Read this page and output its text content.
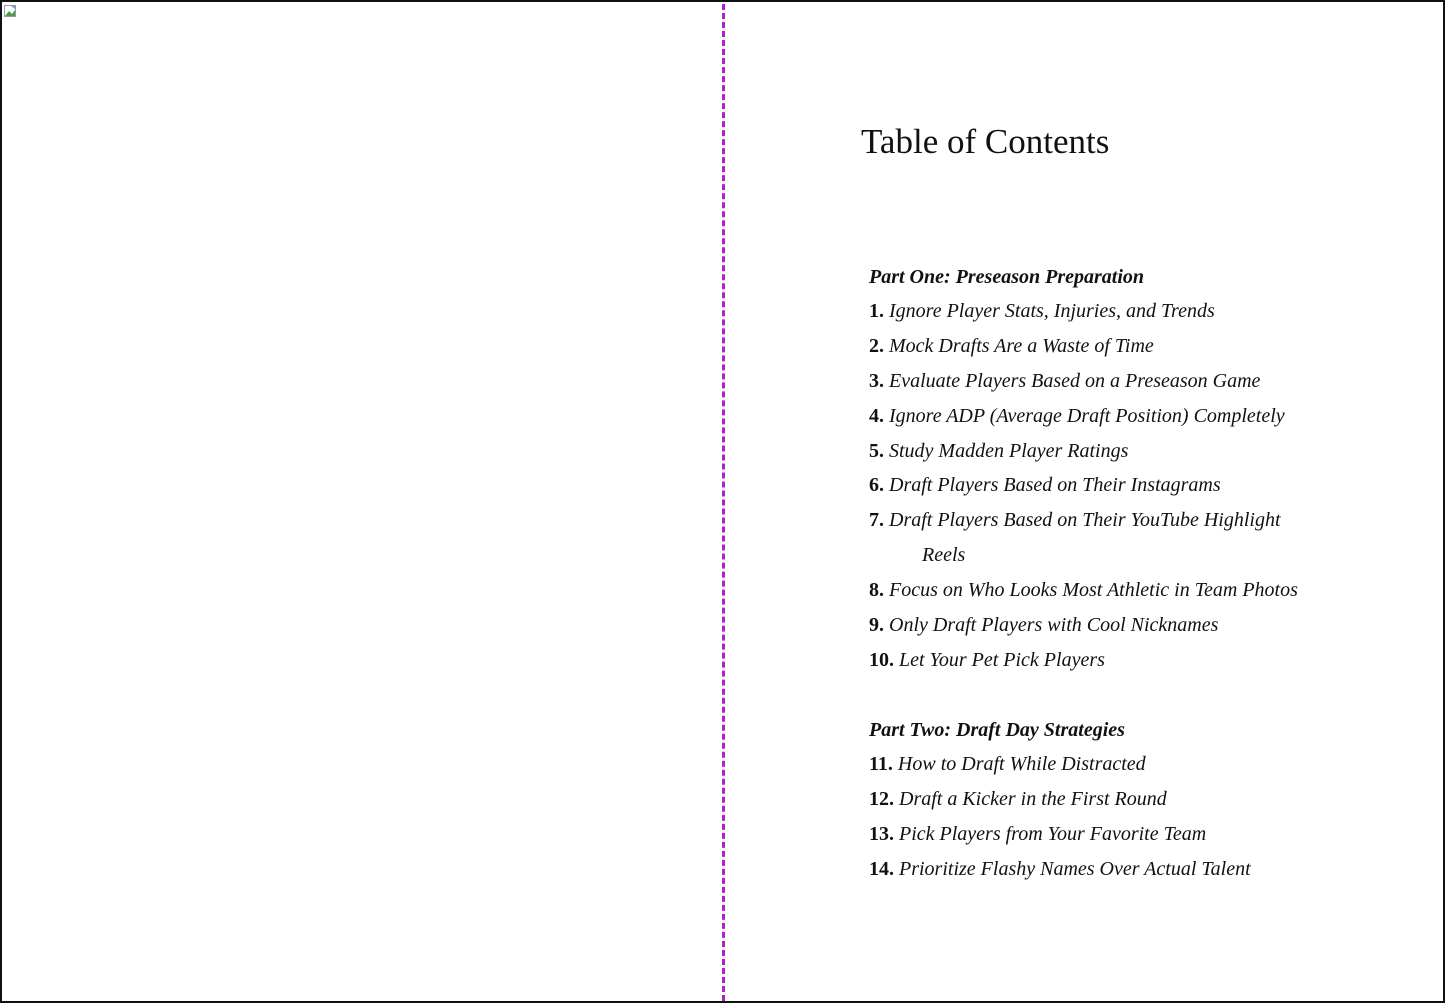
Table of Contents
Part One: Preseason Preparation
1. Ignore Player Stats, Injuries, and Trends
2. Mock Drafts Are a Waste of Time
3. Evaluate Players Based on a Preseason Game
4. Ignore ADP (Average Draft Position) Completely
5. Study Madden Player Ratings
6. Draft Players Based on Their Instagrams
7. Draft Players Based on Their YouTube Highlight
Reels
8. Focus on Who Looks Most Athletic in Team Photos
9. Only Draft Players with Cool Nicknames
10. Let Your Pet Pick Players
Part Two: Draft Day Strategies
11. How to Draft While Distracted
12. Draft a Kicker in the First Round
13. Pick Players from Your Favorite Team
14. Prioritize Flashy Names Over Actual Talent
